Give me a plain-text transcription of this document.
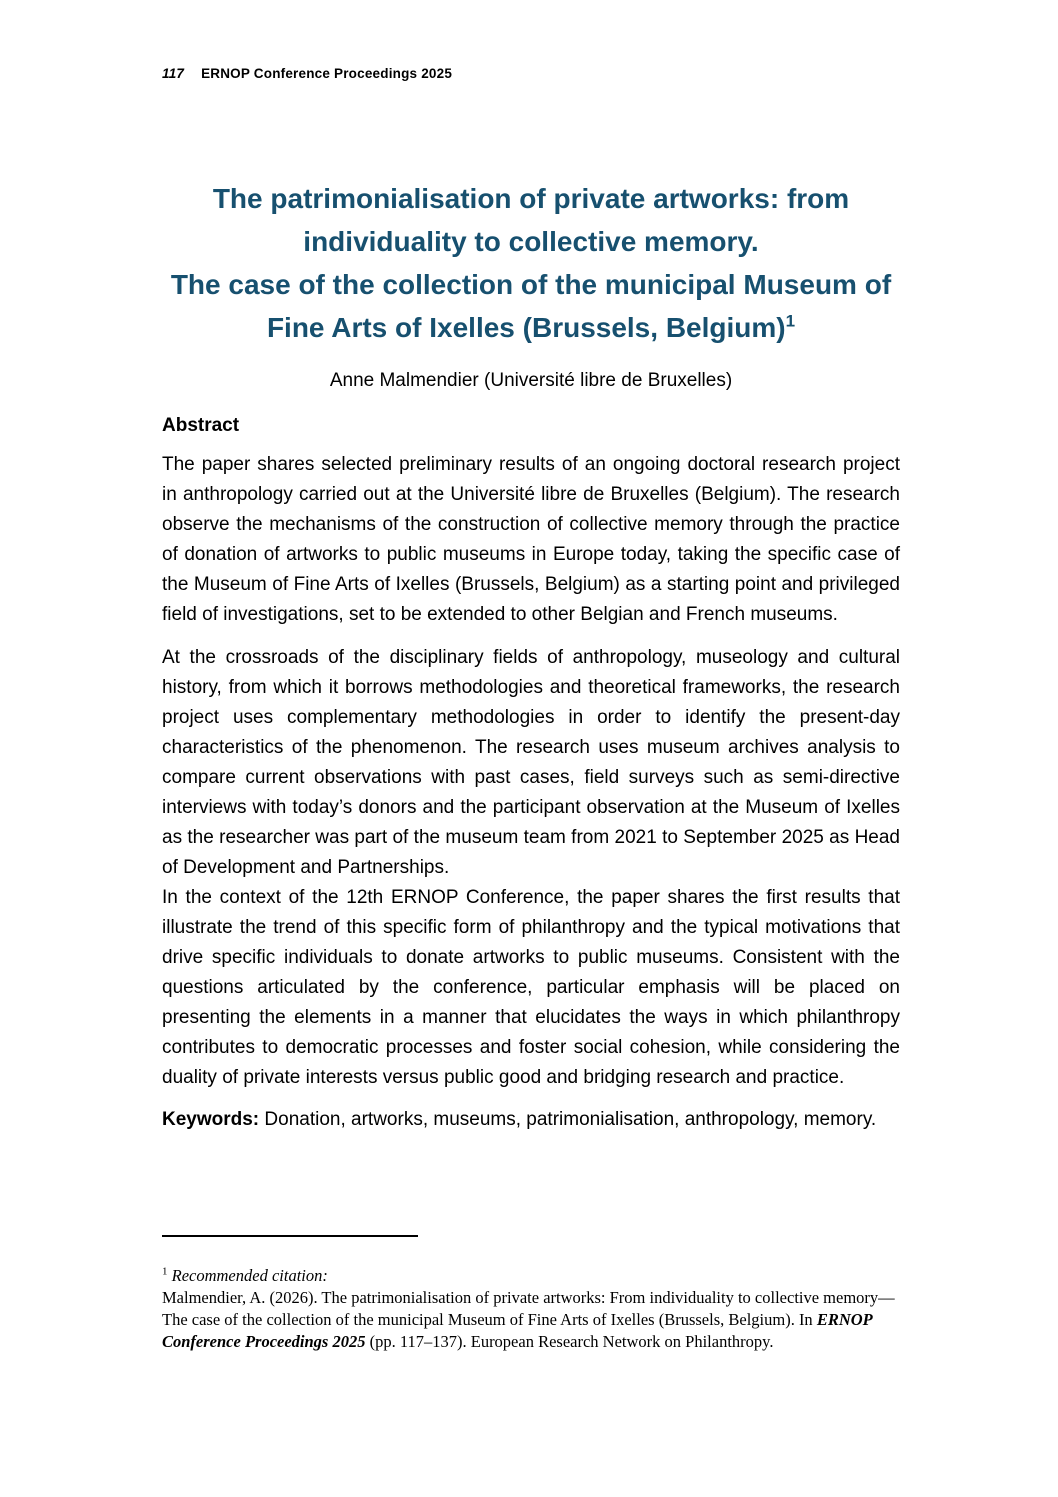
117 ERNOP Conference Proceedings 2025
The patrimonialisation of private artworks: from
individuality to collective memory.
The case of the collection of the municipal Museum of
Fine Arts of Ixelles (Brussels, Belgium)$^1$
Anne Malmendier (Université libre de Bruxelles)
Abstract

The paper shares selected preliminary results of an ongoing doctoral research project in anthropology carried out at the Université libre de Bruxelles (Belgium). The research observe the mechanisms of the construction of collective memory through the practice of donation of artworks to public museums in Europe today, taking the specific case of the Museum of Fine Arts of Ixelles (Brussels, Belgium) as a starting point and privileged field of investigations, set to be extended to other Belgian and French museums.

At the crossroads of the disciplinary fields of anthropology, museology and cultural history, from which it borrows methodologies and theoretical frameworks, the research project uses complementary methodologies in order to identify the present-day characteristics of the phenomenon. The research uses museum archives analysis to compare current observations with past cases, field surveys such as semi-directive interviews with today’s donors and the participant observation at the Museum of Ixelles as the researcher was part of the museum team from 2021 to September 2025 as Head of Development and Partnerships.

In the context of the 12th ERNOP Conference, the paper shares the first results that illustrate the trend of this specific form of philanthropy and the typical motivations that drive specific individuals to donate artworks to public museums. Consistent with the questions articulated by the conference, particular emphasis will be placed on presenting the elements in a manner that elucidates the ways in which philanthropy contributes to democratic processes and foster social cohesion, while considering the duality of private interests versus public good and bridging research and practice.

Keywords: Donation, artworks, museums, patrimonialisation, anthropology, memory.
$^1$ Recommended citation:

Malmendier, A. (2026). The patrimonialisation of private artworks: From individuality to collective memory—The case of the collection of the municipal Museum of Fine Arts of Ixelles (Brussels, Belgium). In ERNOP Conference Proceedings 2025 (pp. 117–137). European Research Network on Philanthropy.
